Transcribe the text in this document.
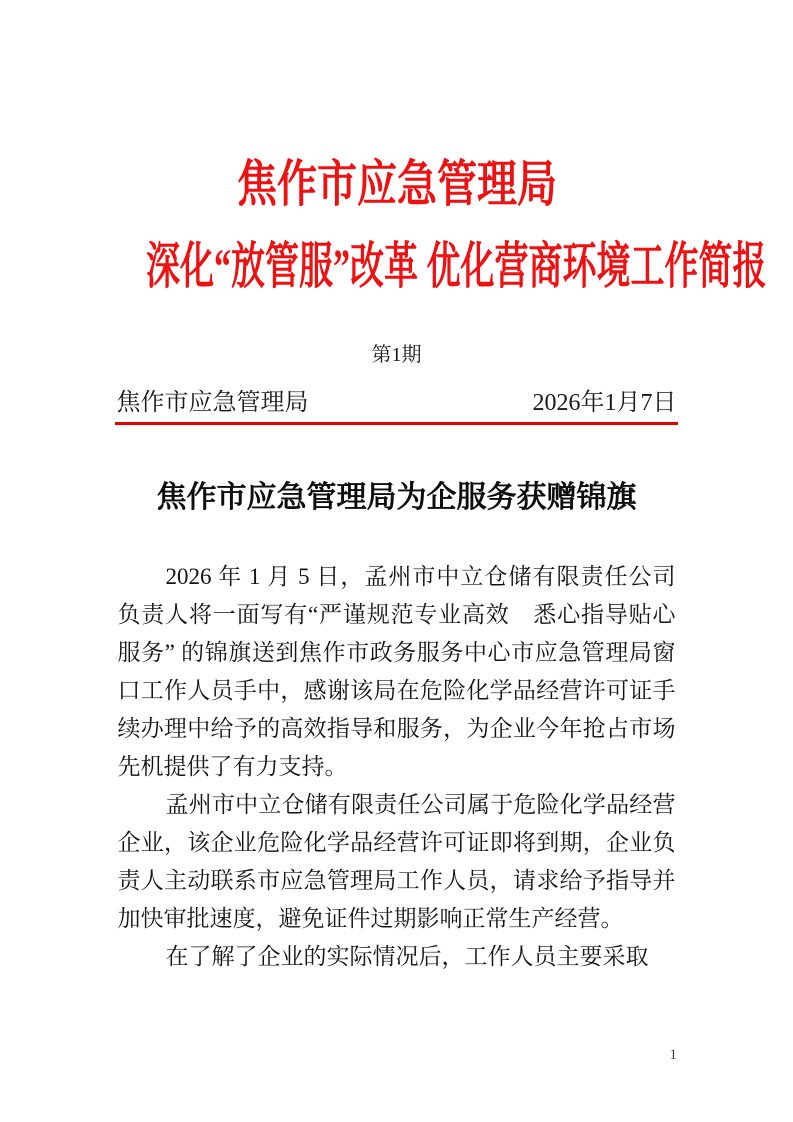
焦作市应急管理局
深化“放管服”改革 优化营商环境工作简报
第1期
焦作市应急管理局	2026年1月7日
焦作市应急管理局为企服务获赠锦旗

2026 年 1 月 5 日，孟州市中立仓储有限责任公司负责人将一面写有“严谨规范专业高效　悉心指导贴心服务” 的锦旗送到焦作市政务服务中心市应急管理局窗口工作人员手中，感谢该局在危险化学品经营许可证手续办理中给予的高效指导和服务，为企业今年抢占市场先机提供了有力支持。

孟州市中立仓储有限责任公司属于危险化学品经营企业，该企业危险化学品经营许可证即将到期，企业负责人主动联系市应急管理局工作人员，请求给予指导并加快审批速度，避免证件过期影响正常生产经营。

在了解了企业的实际情况后，工作人员主要采取

1
